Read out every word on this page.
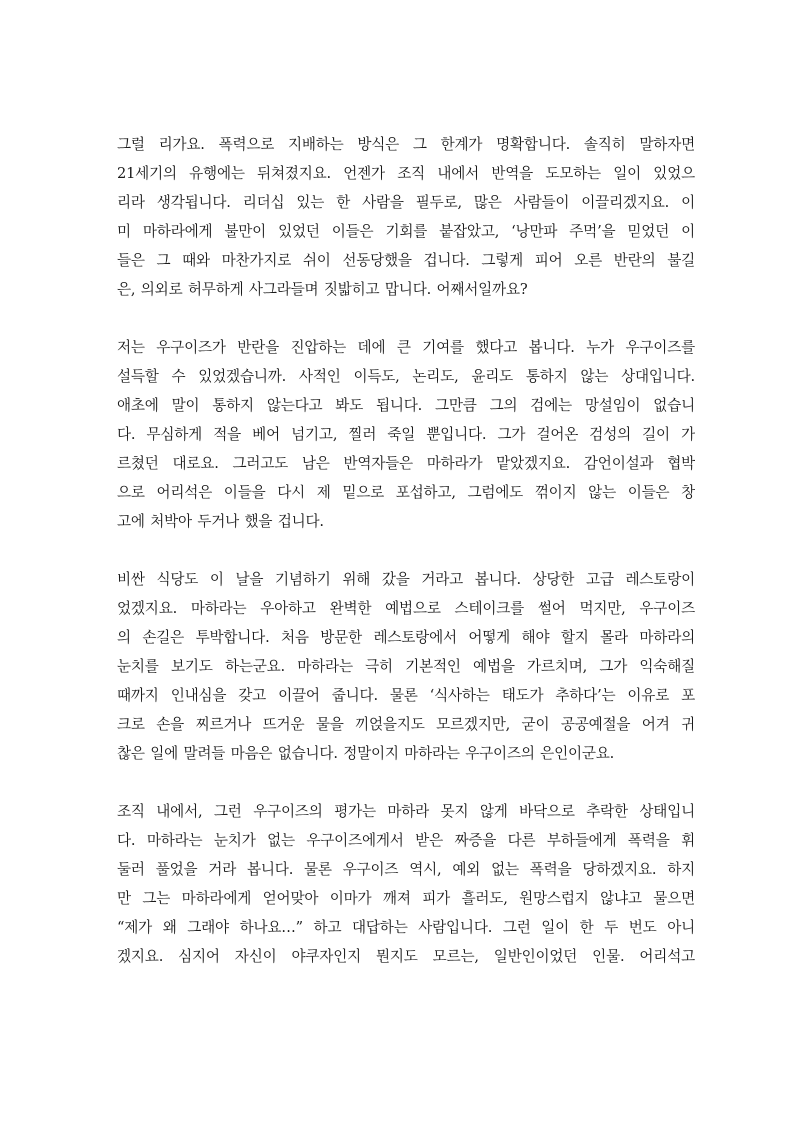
그럴 리가요. 폭력으로 지배하는 방식은 그 한계가 명확합니다. 솔직히 말하자면
21세기의 유행에는 뒤쳐졌지요. 언젠가 조직 내에서 반역을 도모하는 일이 있었으
리라 생각됩니다. 리더십 있는 한 사람을 필두로, 많은 사람들이 이끌리겠지요. 이
미 마하라에게 불만이 있었던 이들은 기회를 붙잡았고, ‘낭만파 주먹’을 믿었던 이
들은 그 때와 마찬가지로 쉬이 선동당했을 겁니다. 그렇게 피어 오른 반란의 불길
은, 의외로 허무하게 사그라들며 짓밟히고 맙니다. 어째서일까요?
저는 우구이즈가 반란을 진압하는 데에 큰 기여를 했다고 봅니다. 누가 우구이즈를
설득할 수 있었겠습니까. 사적인 이득도, 논리도, 윤리도 통하지 않는 상대입니다.
애초에 말이 통하지 않는다고 봐도 됩니다. 그만큼 그의 검에는 망설임이 없습니
다. 무심하게 적을 베어 넘기고, 찔러 죽일 뿐입니다. 그가 걸어온 검성의 길이 가
르쳤던 대로요. 그러고도 남은 반역자들은 마하라가 맡았겠지요. 감언이설과 협박
으로 어리석은 이들을 다시 제 밑으로 포섭하고, 그럼에도 꺾이지 않는 이들은 창
고에 처박아 두거나 했을 겁니다.
비싼 식당도 이 날을 기념하기 위해 갔을 거라고 봅니다. 상당한 고급 레스토랑이
었겠지요. 마하라는 우아하고 완벽한 예법으로 스테이크를 썰어 먹지만, 우구이즈
의 손길은 투박합니다. 처음 방문한 레스토랑에서 어떻게 해야 할지 몰라 마하라의
눈치를 보기도 하는군요. 마하라는 극히 기본적인 예법을 가르치며, 그가 익숙해질
때까지 인내심을 갖고 이끌어 줍니다. 물론 ‘식사하는 태도가 추하다’는 이유로 포
크로 손을 찌르거나 뜨거운 물을 끼얹을지도 모르겠지만, 굳이 공공예절을 어겨 귀
찮은 일에 말려들 마음은 없습니다. 정말이지 마하라는 우구이즈의 은인이군요.
조직 내에서, 그런 우구이즈의 평가는 마하라 못지 않게 바닥으로 추락한 상태입니
다. 마하라는 눈치가 없는 우구이즈에게서 받은 짜증을 다른 부하들에게 폭력을 휘
둘러 풀었을 거라 봅니다. 물론 우구이즈 역시, 예외 없는 폭력을 당하겠지요. 하지
만 그는 마하라에게 얻어맞아 이마가 깨져 피가 흘러도, 원망스럽지 않냐고 물으면
“제가 왜 그래야 하나요…” 하고 대답하는 사람입니다. 그런 일이 한 두 번도 아니
겠지요. 심지어 자신이 야쿠자인지 뭔지도 모르는, 일반인이었던 인물. 어리석고
